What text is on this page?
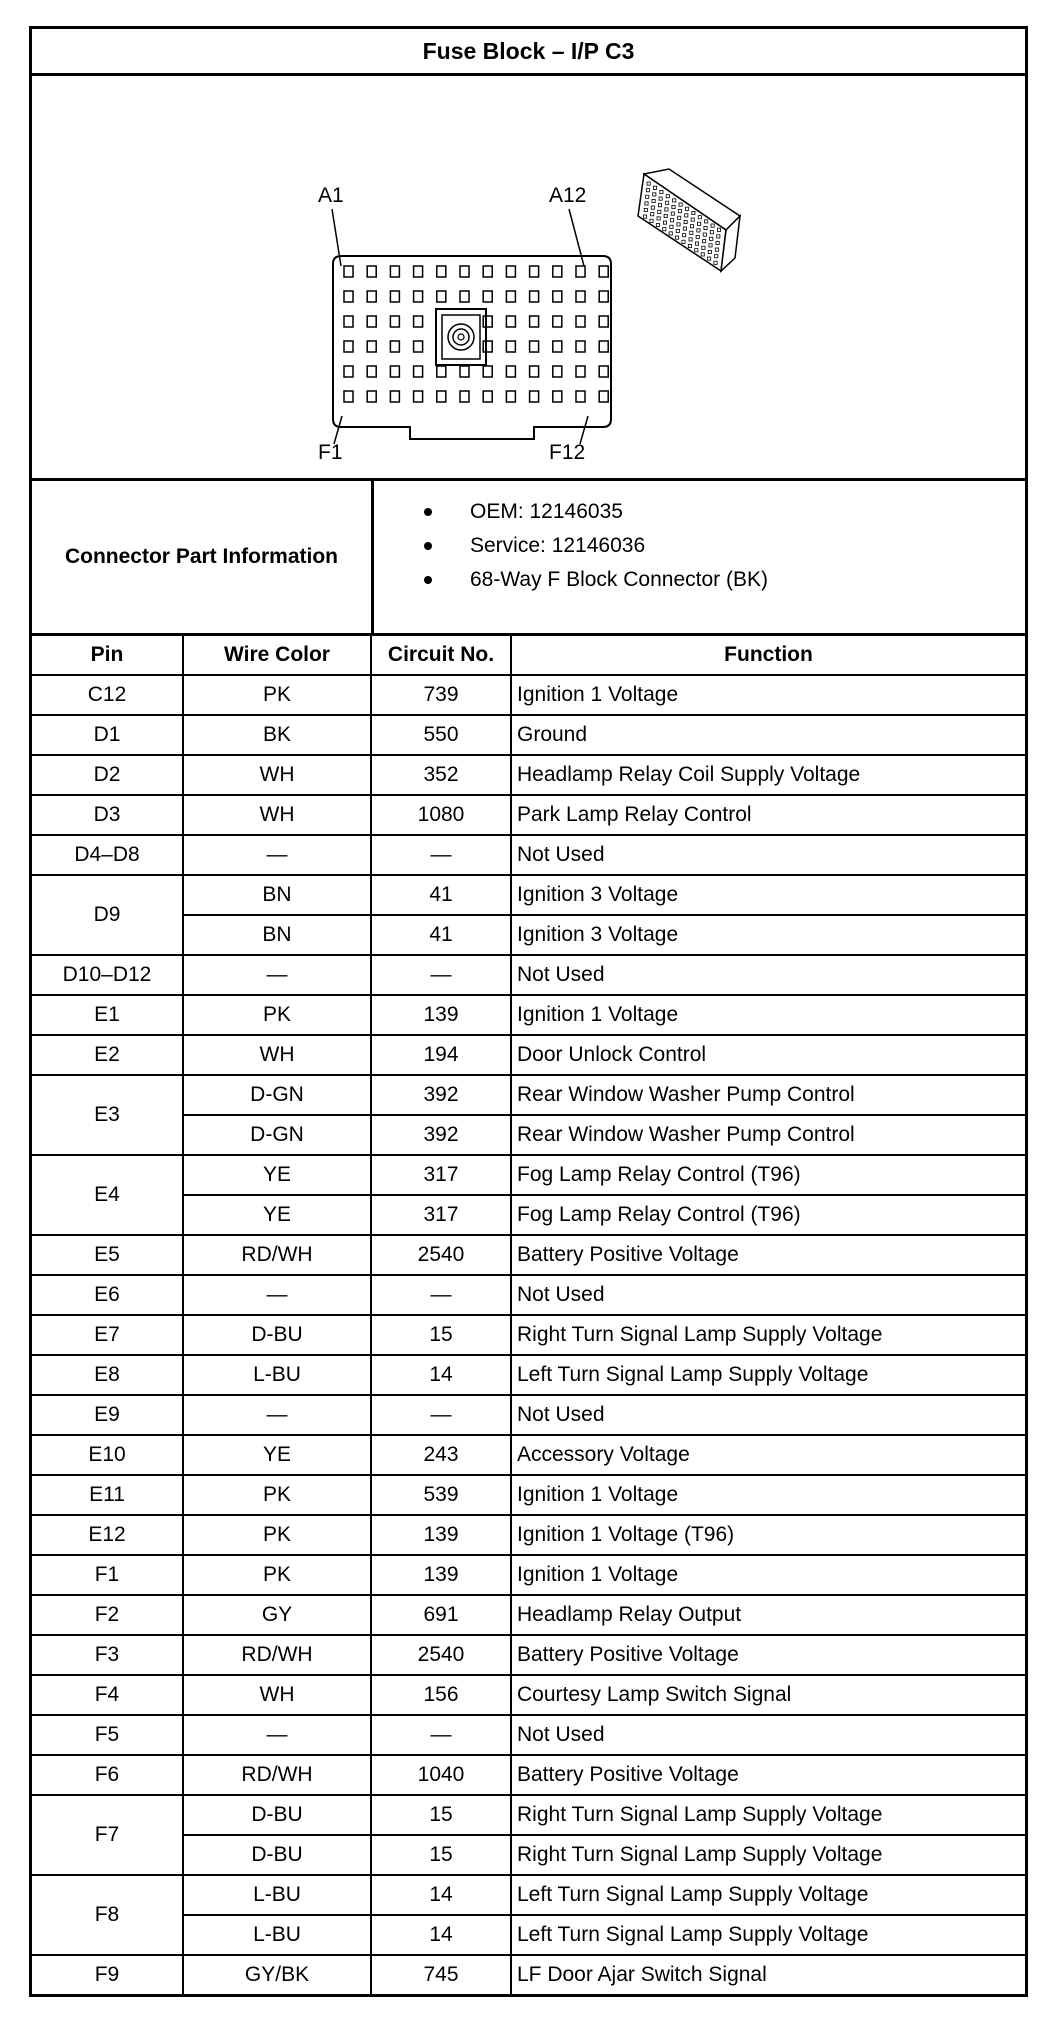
Fuse Block – I/P C3
A1	A12
F1	F12
Connector Part Information
OEM: 12146035
Service: 12146036
68-Way F Block Connector (BK)
Pin	Wire Color	Circuit No.	Function
C12	PK	739	Ignition 1 Voltage
D1	BK	550	Ground
D2	WH	352	Headlamp Relay Coil Supply Voltage
D3	WH	1080	Park Lamp Relay Control
D4–D8	—	—	Not Used
D9	BN	41	Ignition 3 Voltage
	BN	41	Ignition 3 Voltage
D10–D12	—	—	Not Used
E1	PK	139	Ignition 1 Voltage
E2	WH	194	Door Unlock Control
E3	D-GN	392	Rear Window Washer Pump Control
	D-GN	392	Rear Window Washer Pump Control
E4	YE	317	Fog Lamp Relay Control (T96)
	YE	317	Fog Lamp Relay Control (T96)
E5	RD/WH	2540	Battery Positive Voltage
E6	—	—	Not Used
E7	D-BU	15	Right Turn Signal Lamp Supply Voltage
E8	L-BU	14	Left Turn Signal Lamp Supply Voltage
E9	—	—	Not Used
E10	YE	243	Accessory Voltage
E11	PK	539	Ignition 1 Voltage
E12	PK	139	Ignition 1 Voltage (T96)
F1	PK	139	Ignition 1 Voltage
F2	GY	691	Headlamp Relay Output
F3	RD/WH	2540	Battery Positive Voltage
F4	WH	156	Courtesy Lamp Switch Signal
F5	—	—	Not Used
F6	RD/WH	1040	Battery Positive Voltage
F7	D-BU	15	Right Turn Signal Lamp Supply Voltage
	D-BU	15	Right Turn Signal Lamp Supply Voltage
F8	L-BU	14	Left Turn Signal Lamp Supply Voltage
	L-BU	14	Left Turn Signal Lamp Supply Voltage
F9	GY/BK	745	LF Door Ajar Switch Signal
